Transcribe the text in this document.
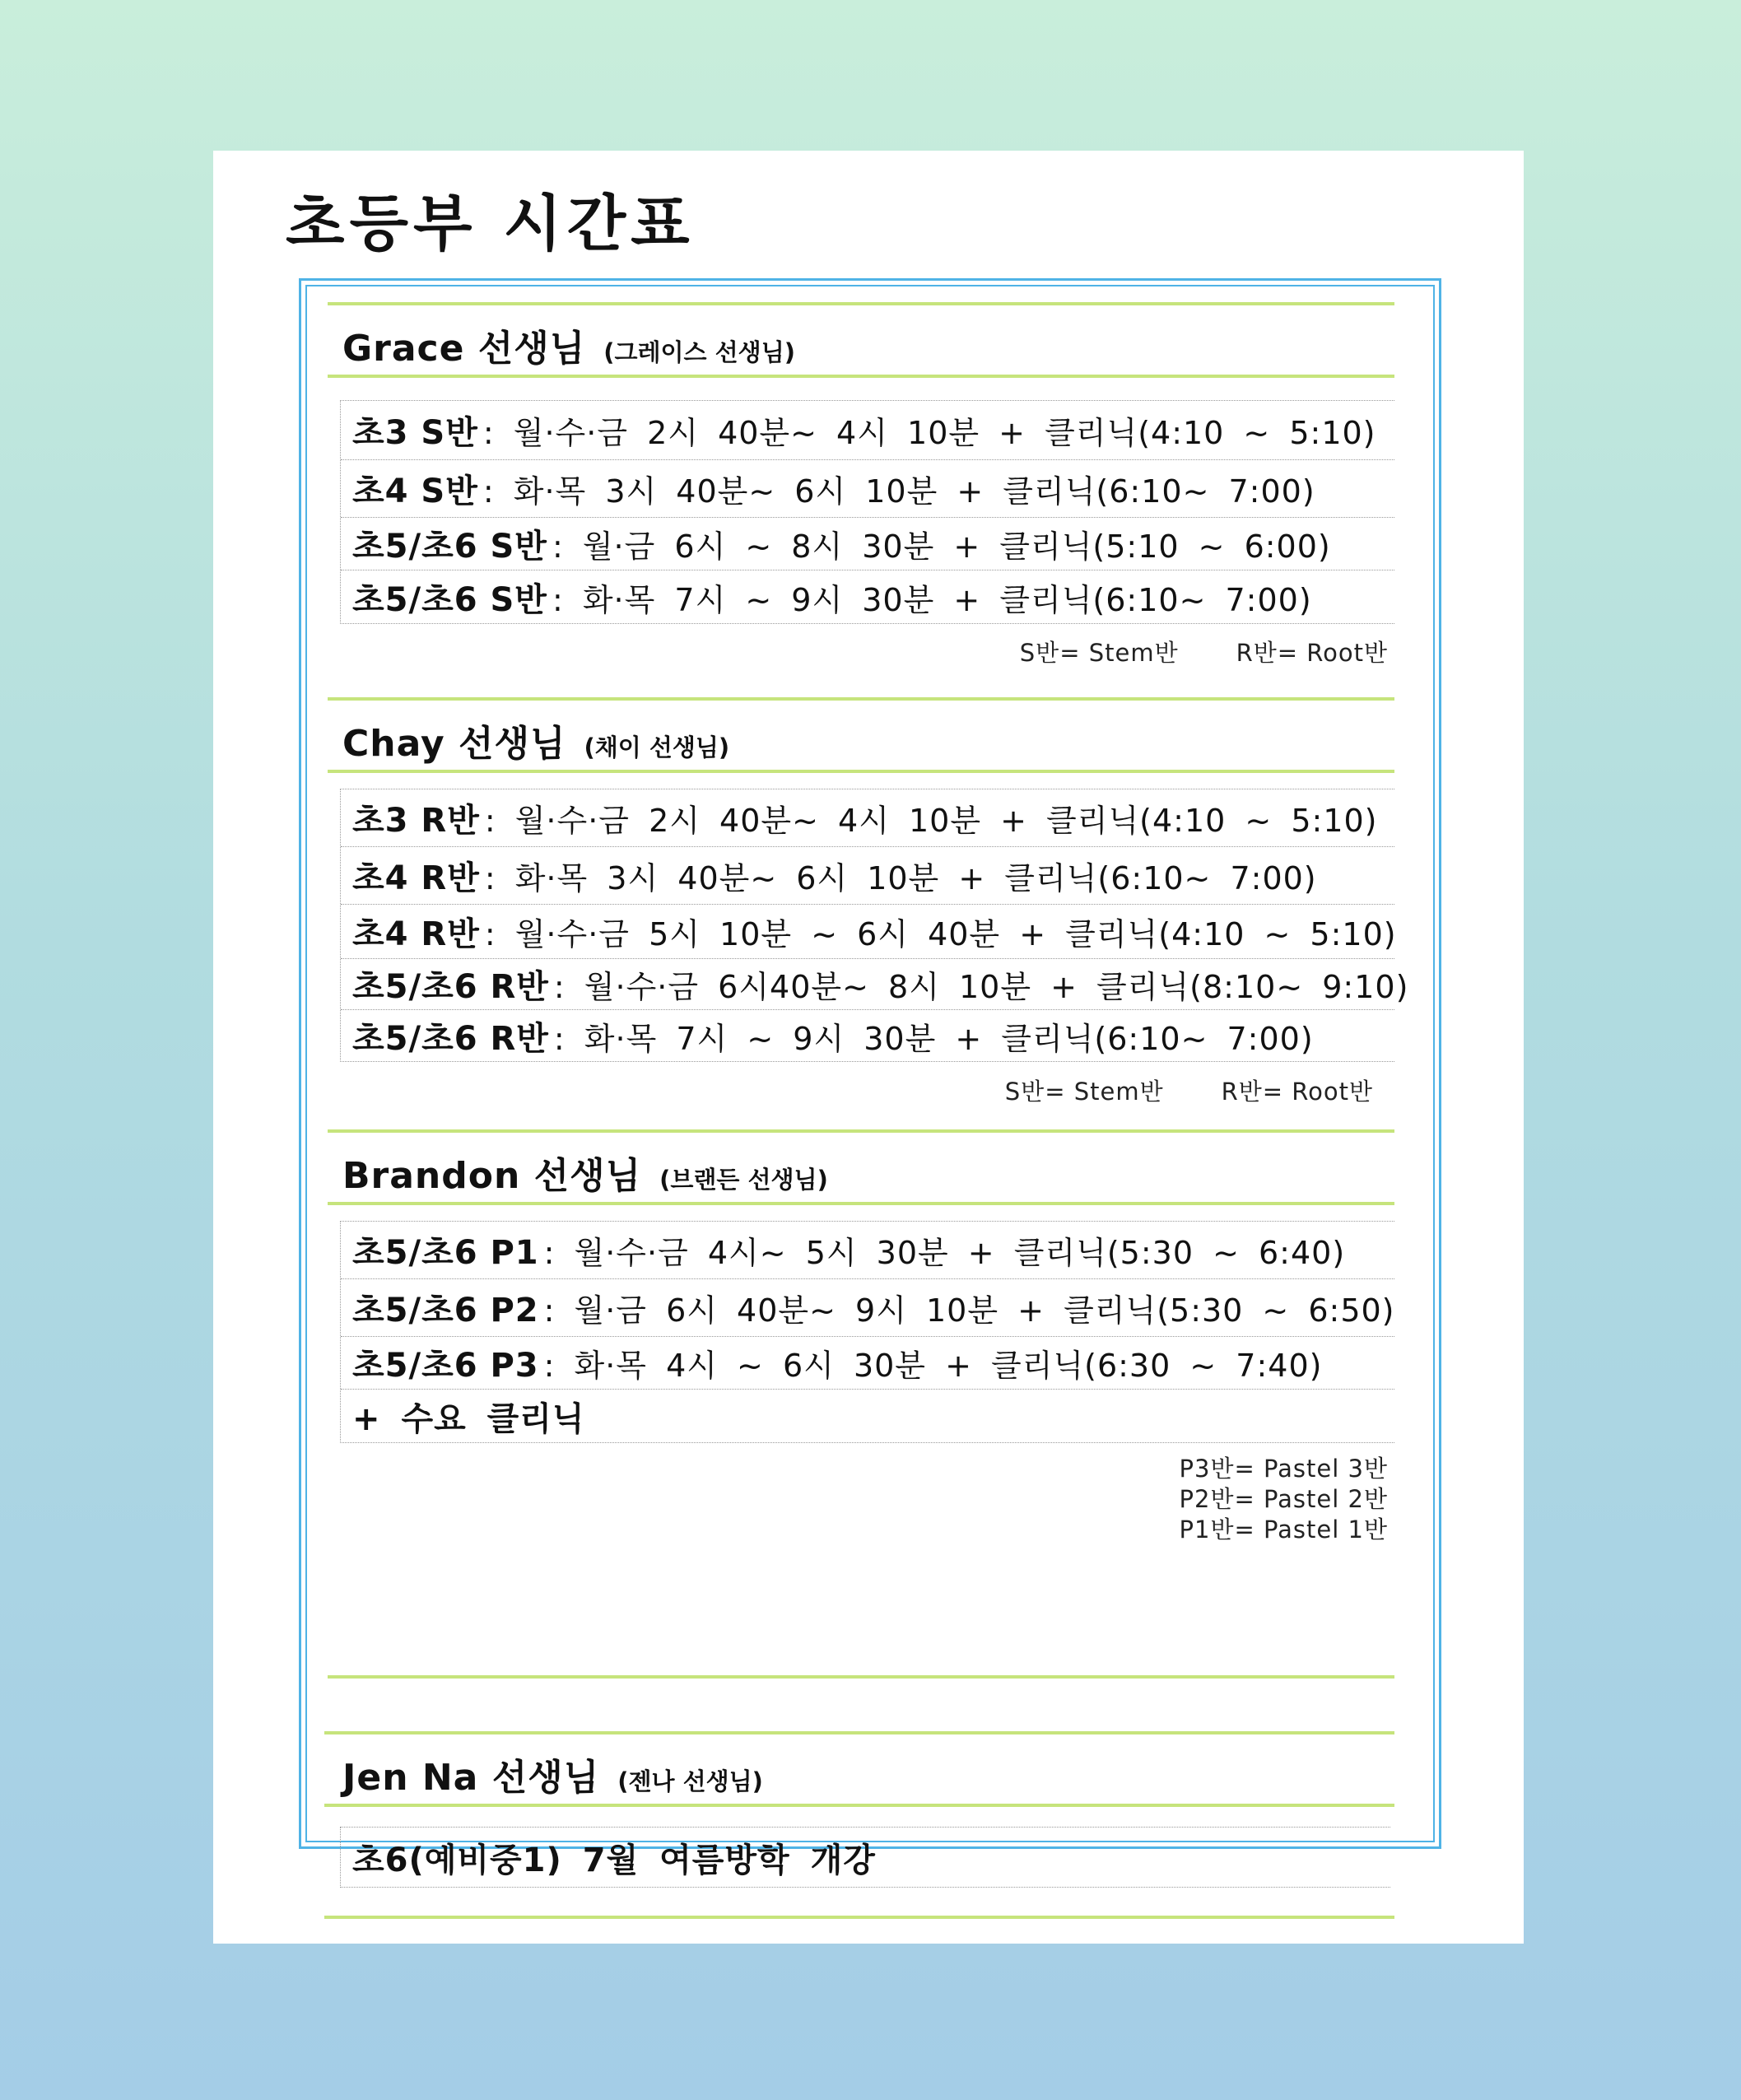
초등부 시간표
Grace 선생님 (그레이스 선생님)
초3 S반 : 월·수·금 2시 40분~ 4시 10분 + 클리닉(4:10 ~ 5:10)
초4 S반 : 화·목 3시 40분~ 6시 10분 + 클리닉(6:10~ 7:00)
초5/초6 S반 : 월·금 6시 ~ 8시 30분 + 클리닉(5:10 ~ 6:00)
초5/초6 S반 : 화·목 7시 ~ 9시 30분 + 클리닉(6:10~ 7:00)
S반= Stem반 R반= Root반
Chay 선생님 (채이 선생님)
초3 R반 : 월·수·금 2시 40분~ 4시 10분 + 클리닉(4:10 ~ 5:10)
초4 R반 : 화·목 3시 40분~ 6시 10분 + 클리닉(6:10~ 7:00)
초4 R반 : 월·수·금 5시 10분 ~ 6시 40분 + 클리닉(4:10 ~ 5:10)
초5/초6 R반 : 월·수·금 6시40분~ 8시 10분 + 클리닉(8:10~ 9:10)
초5/초6 R반 : 화·목 7시 ~ 9시 30분 + 클리닉(6:10~ 7:00)
S반= Stem반 R반= Root반
Brandon 선생님 (브랜든 선생님)
초5/초6 P1 : 월·수·금 4시~ 5시 30분 + 클리닉(5:30 ~ 6:40)
초5/초6 P2 : 월·금 6시 40분~ 9시 10분 + 클리닉(5:30 ~ 6:50)
초5/초6 P3 : 화·목 4시 ~ 6시 30분 + 클리닉(6:30 ~ 7:40)
+ 수요 클리닉
P3반= Pastel 3반
P2반= Pastel 2반
P1반= Pastel 1반
Jen Na 선생님 (젠나 선생님)
초6(예비중1) 7월 여름방학 개강
